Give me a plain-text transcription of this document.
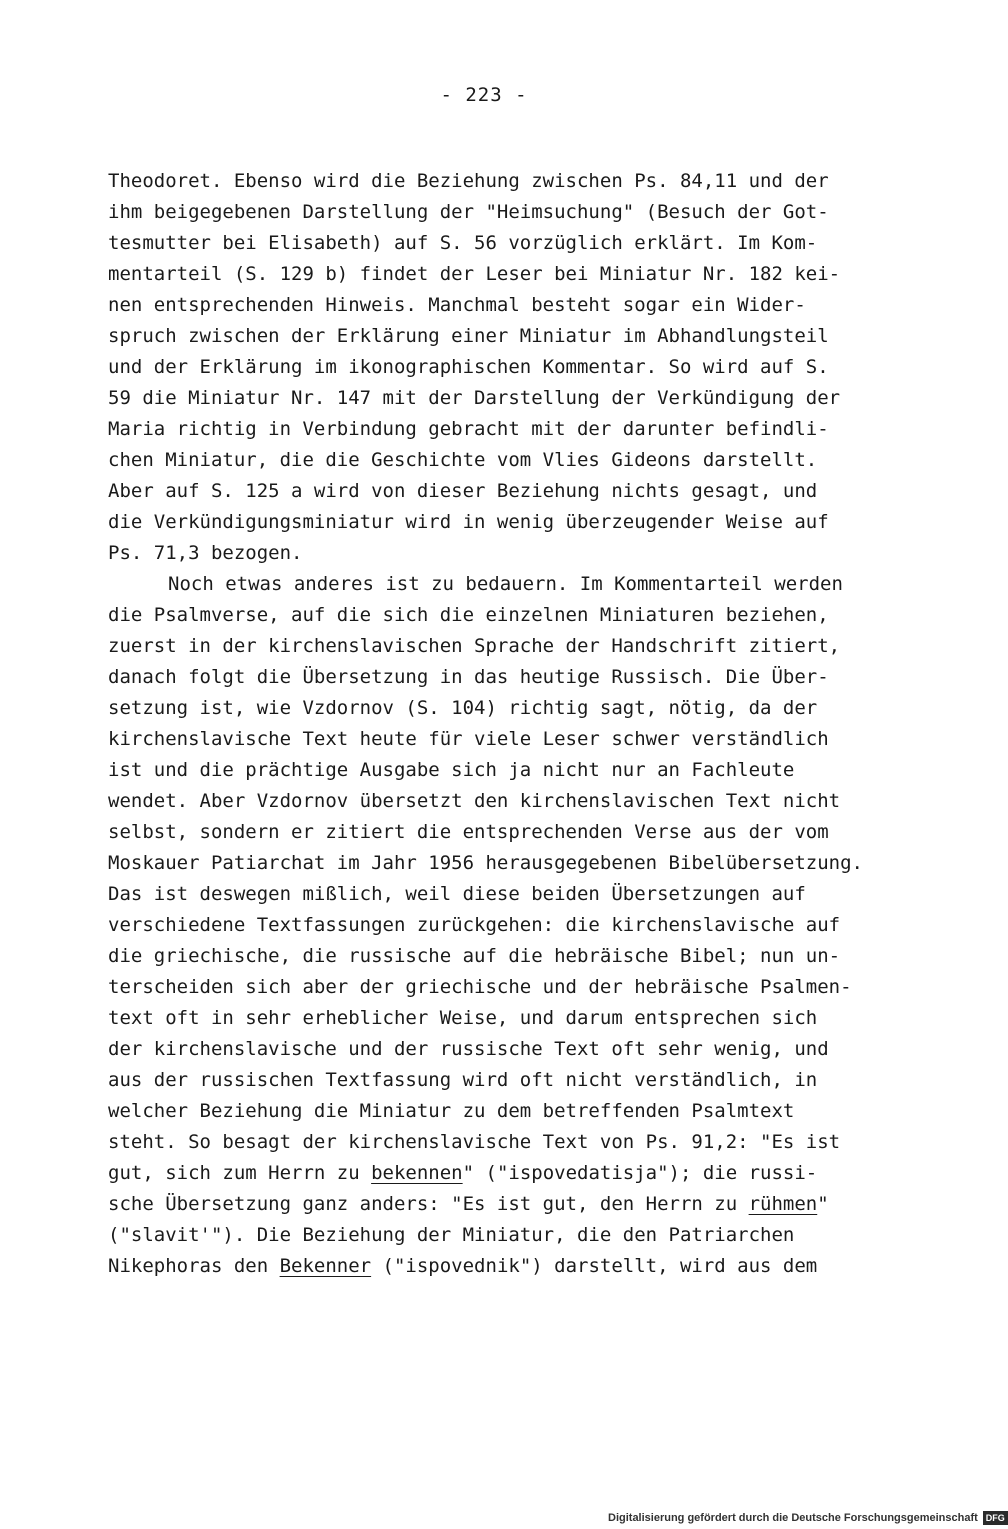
- 223 -
Theodoret. Ebenso wird die Beziehung zwischen Ps. 84,11 und der
ihm beigegebenen Darstellung der "Heimsuchung" (Besuch der Got-
tesmutter bei Elisabeth) auf S. 56 vorzüglich erklärt. Im Kom-
mentarteil (S. 129 b) findet der Leser bei Miniatur Nr. 182 kei-
nen entsprechenden Hinweis. Manchmal besteht sogar ein Wider-
spruch zwischen der Erklärung einer Miniatur im Abhandlungsteil
und der Erklärung im ikonographischen Kommentar. So wird auf S.
59 die Miniatur Nr. 147 mit der Darstellung der Verkündigung der
Maria richtig in Verbindung gebracht mit der darunter befindli-
chen Miniatur, die die Geschichte vom Vlies Gideons darstellt.
Aber auf S. 125 a wird von dieser Beziehung nichts gesagt, und
die Verkündigungsminiatur wird in wenig überzeugender Weise auf
Ps. 71,3 bezogen.
Noch etwas anderes ist zu bedauern. Im Kommentarteil werden
die Psalmverse, auf die sich die einzelnen Miniaturen beziehen,
zuerst in der kirchenslavischen Sprache der Handschrift zitiert,
danach folgt die Übersetzung in das heutige Russisch. Die Über-
setzung ist, wie Vzdornov (S. 104) richtig sagt, nötig, da der
kirchenslavische Text heute für viele Leser schwer verständlich
ist und die prächtige Ausgabe sich ja nicht nur an Fachleute
wendet. Aber Vzdornov übersetzt den kirchenslavischen Text nicht
selbst, sondern er zitiert die entsprechenden Verse aus der vom
Moskauer Patiarchat im Jahr 1956 herausgegebenen Bibelübersetzung.
Das ist deswegen mißlich, weil diese beiden Übersetzungen auf
verschiedene Textfassungen zurückgehen: die kirchenslavische auf
die griechische, die russische auf die hebräische Bibel; nun un-
terscheiden sich aber der griechische und der hebräische Psalmen-
text oft in sehr erheblicher Weise, und darum entsprechen sich
der kirchenslavische und der russische Text oft sehr wenig, und
aus der russischen Textfassung wird oft nicht verständlich, in
welcher Beziehung die Miniatur zu dem betreffenden Psalmtext
steht. So besagt der kirchenslavische Text von Ps. 91,2: "Es ist
gut, sich zum Herrn zu bekennen" ("ispovedatisja"); die russi-
sche Übersetzung ganz anders: "Es ist gut, den Herrn zu rühmen"
("slavit'"). Die Beziehung der Miniatur, die den Patriarchen
Nikephoras den Bekenner ("ispovednik") darstellt, wird aus dem
Digitalisierung gefördert durch die Deutsche Forschungsgemeinschaft DFG
